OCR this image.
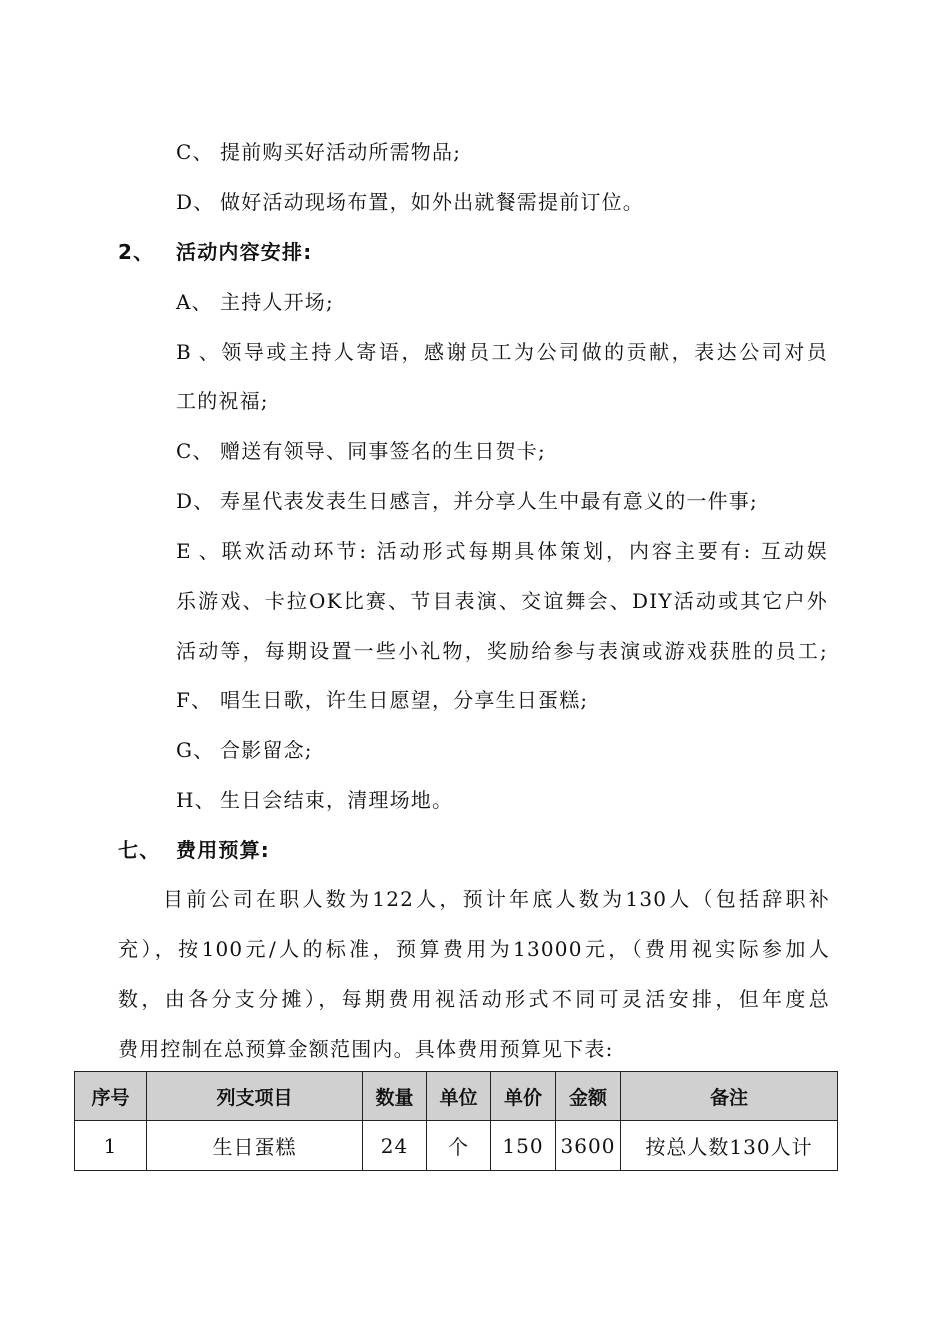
C、 提前购买好活动所需物品;
D、 做好活动现场布置，如外出就餐需提前订位。
2、 活动内容安排:
A、 主持人开场;
B、领导或主持人寄语，感谢员工为公司做的贡献，表达公司对员
工的祝福;
C、 赠送有领导、同事签名的生日贺卡;
D、 寿星代表发表生日感言，并分享人生中最有意义的一件事;
E、联欢活动环节: 活动形式每期具体策划，内容主要有: 互动娱
乐游戏、卡拉OK比赛、节目表演、交谊舞会、DIY活动或其它户外
活动等，每期设置一些小礼物，奖励给参与表演或游戏获胜的员工;
F、 唱生日歌，许生日愿望，分享生日蛋糕;
G、 合影留念;
H、 生日会结束，清理场地。
七、 费用预算:
目前公司在职人数为122人，预计年底人数为130人（包括辞职补
充），按100元/人的标准，预算费用为13000元，（费用视实际参加人
数，由各分支分摊），每期费用视活动形式不同可灵活安排，但年度总
费用控制在总预算金额范围内。具体费用预算见下表:
序号	列支项目	数量	单位	单价	金额	备注
1	生日蛋糕	24	个	150	3600	按总人数130人计
